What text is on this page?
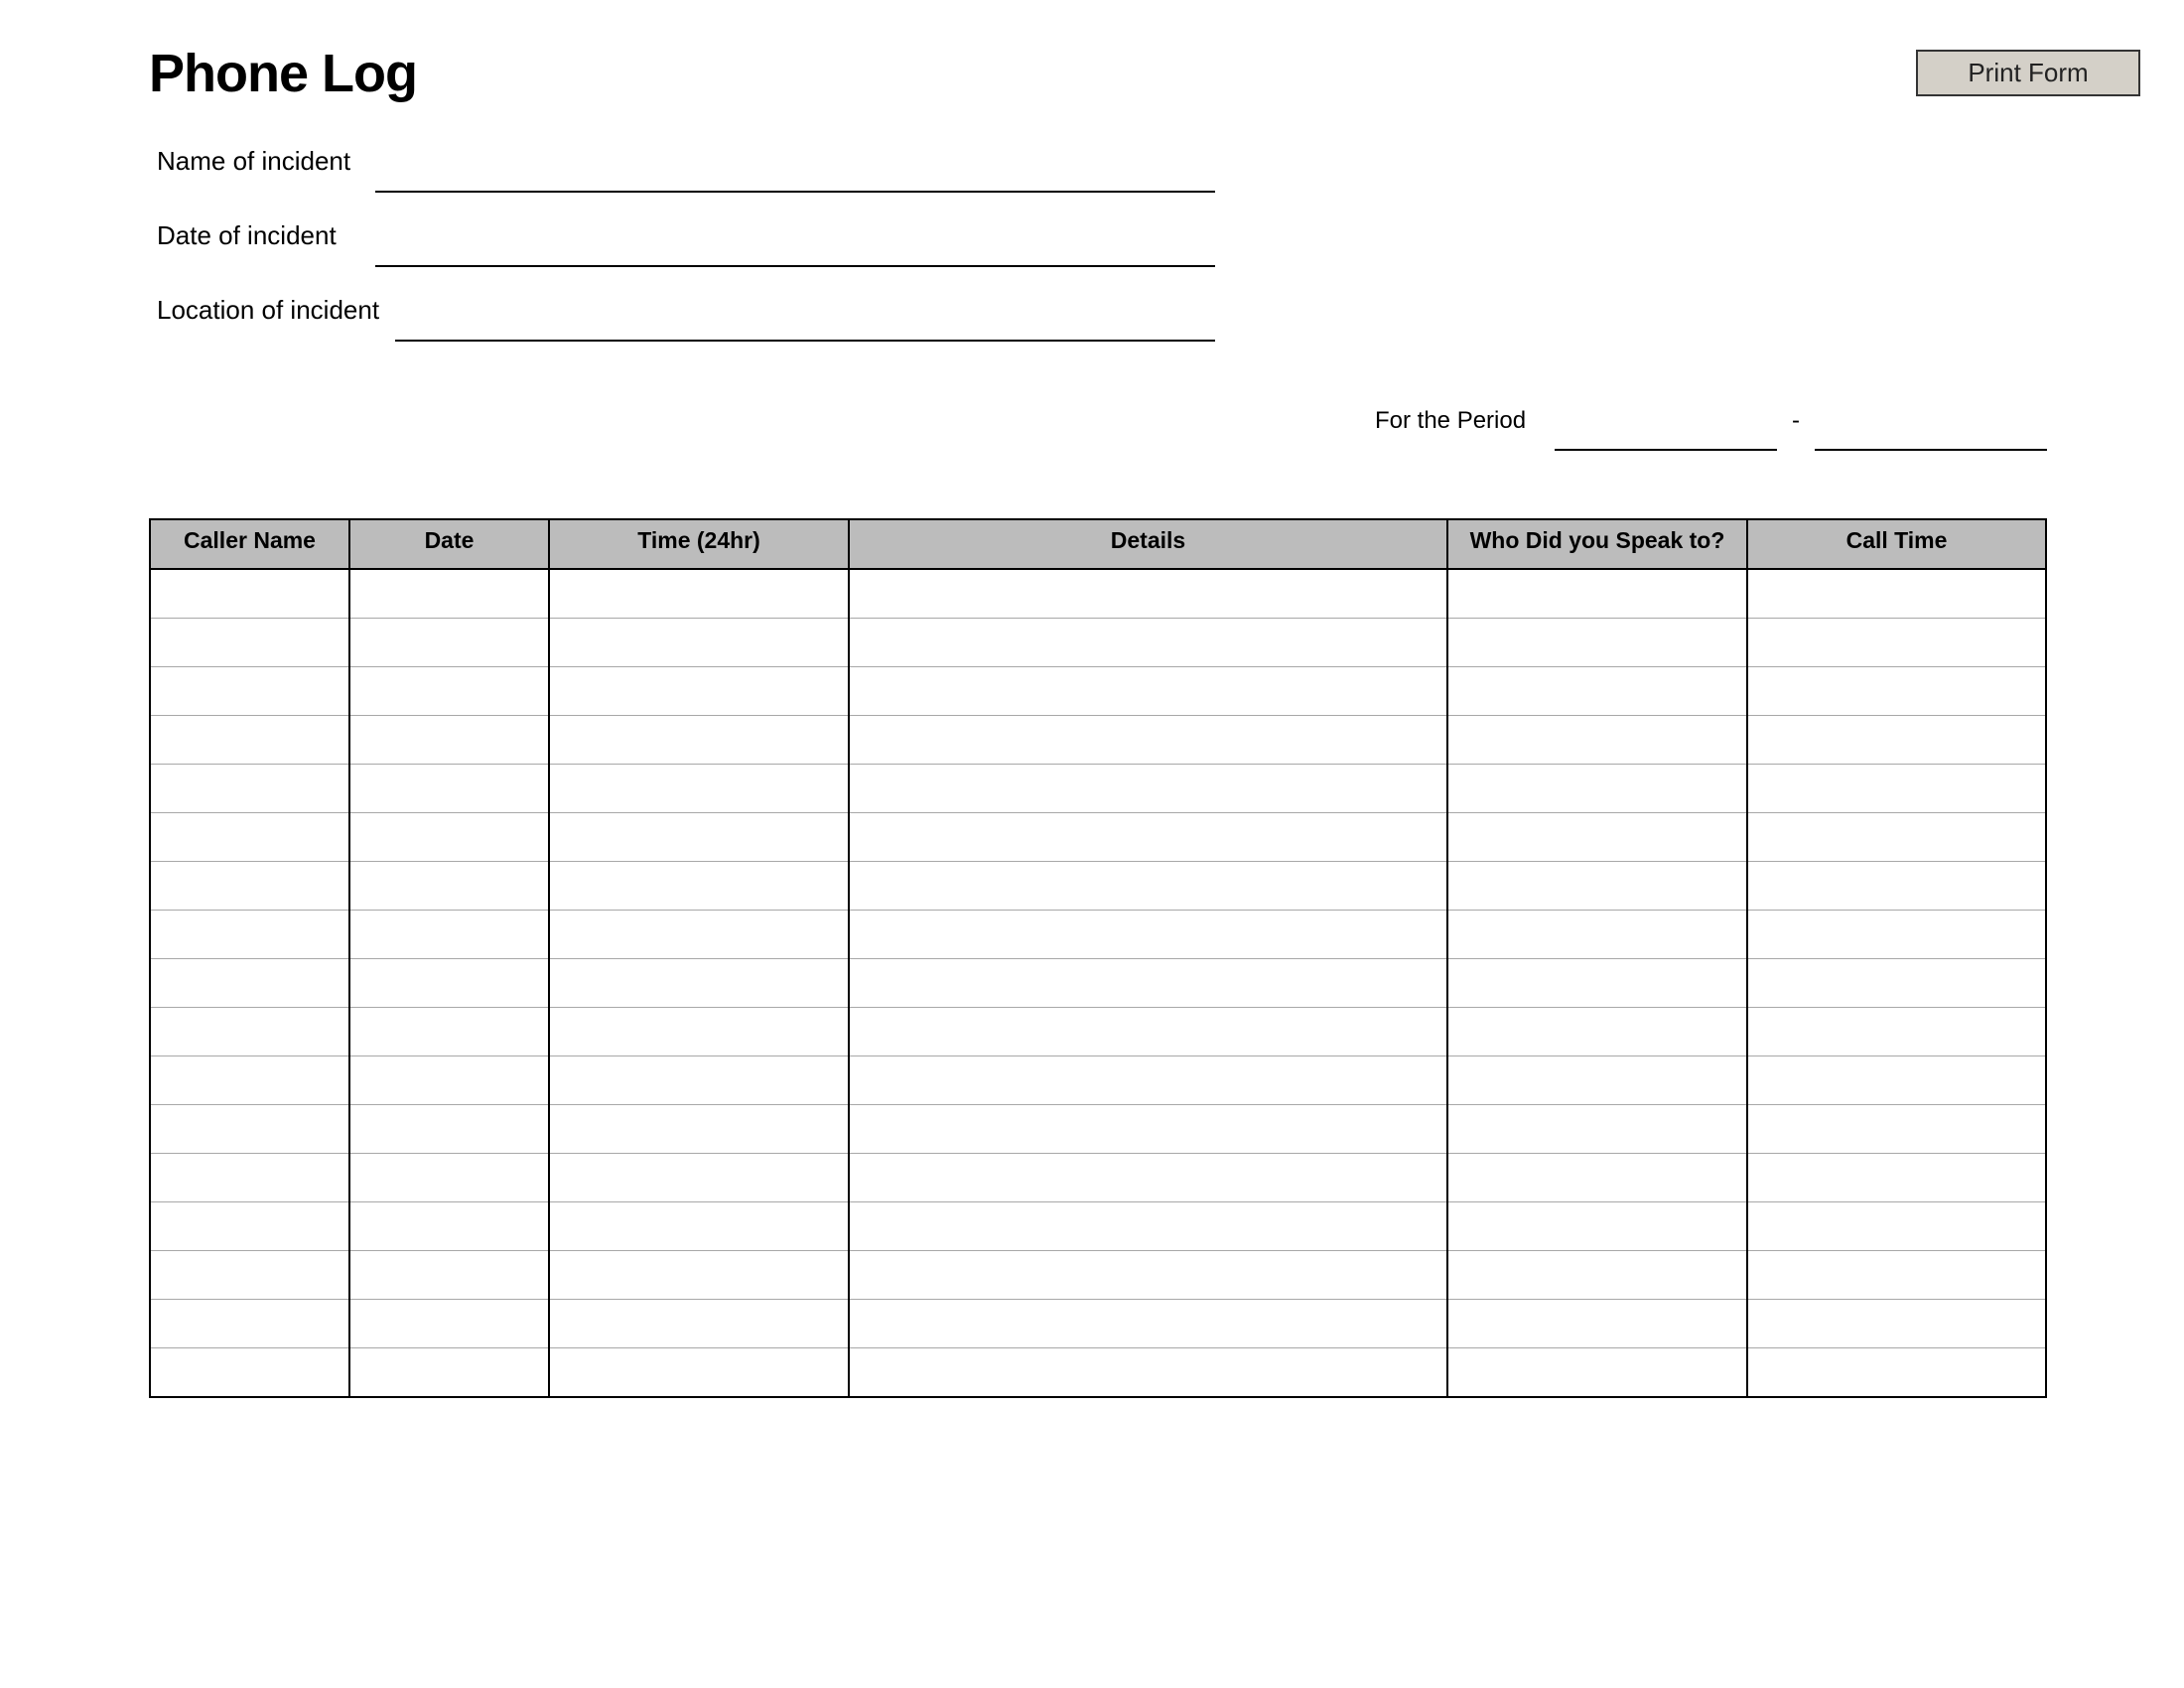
Phone Log	Print Form
Name of incident
Date of incident
Location of incident
For the Period	-
Caller Name	Date	Time (24hr)	Details	Who Did you Speak to?	Call Time
